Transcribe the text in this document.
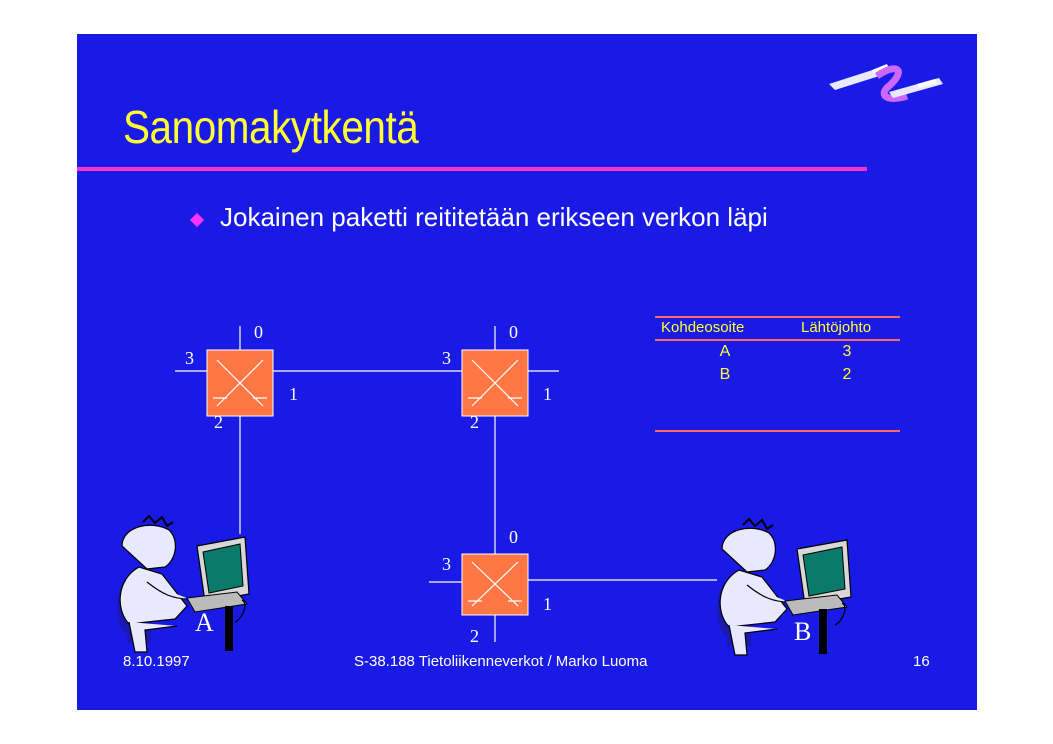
Sanomakytkentä
Jokainen paketti reititetään erikseen verkon läpi
0
3
1
2
0
3
1
2
0
3
1
2
A	B
Kohdeosoite	Lähtöjohto
A	3
B	2
8.10.1997	S-38.188 Tietoliikenneverkot / Marko Luoma	16
